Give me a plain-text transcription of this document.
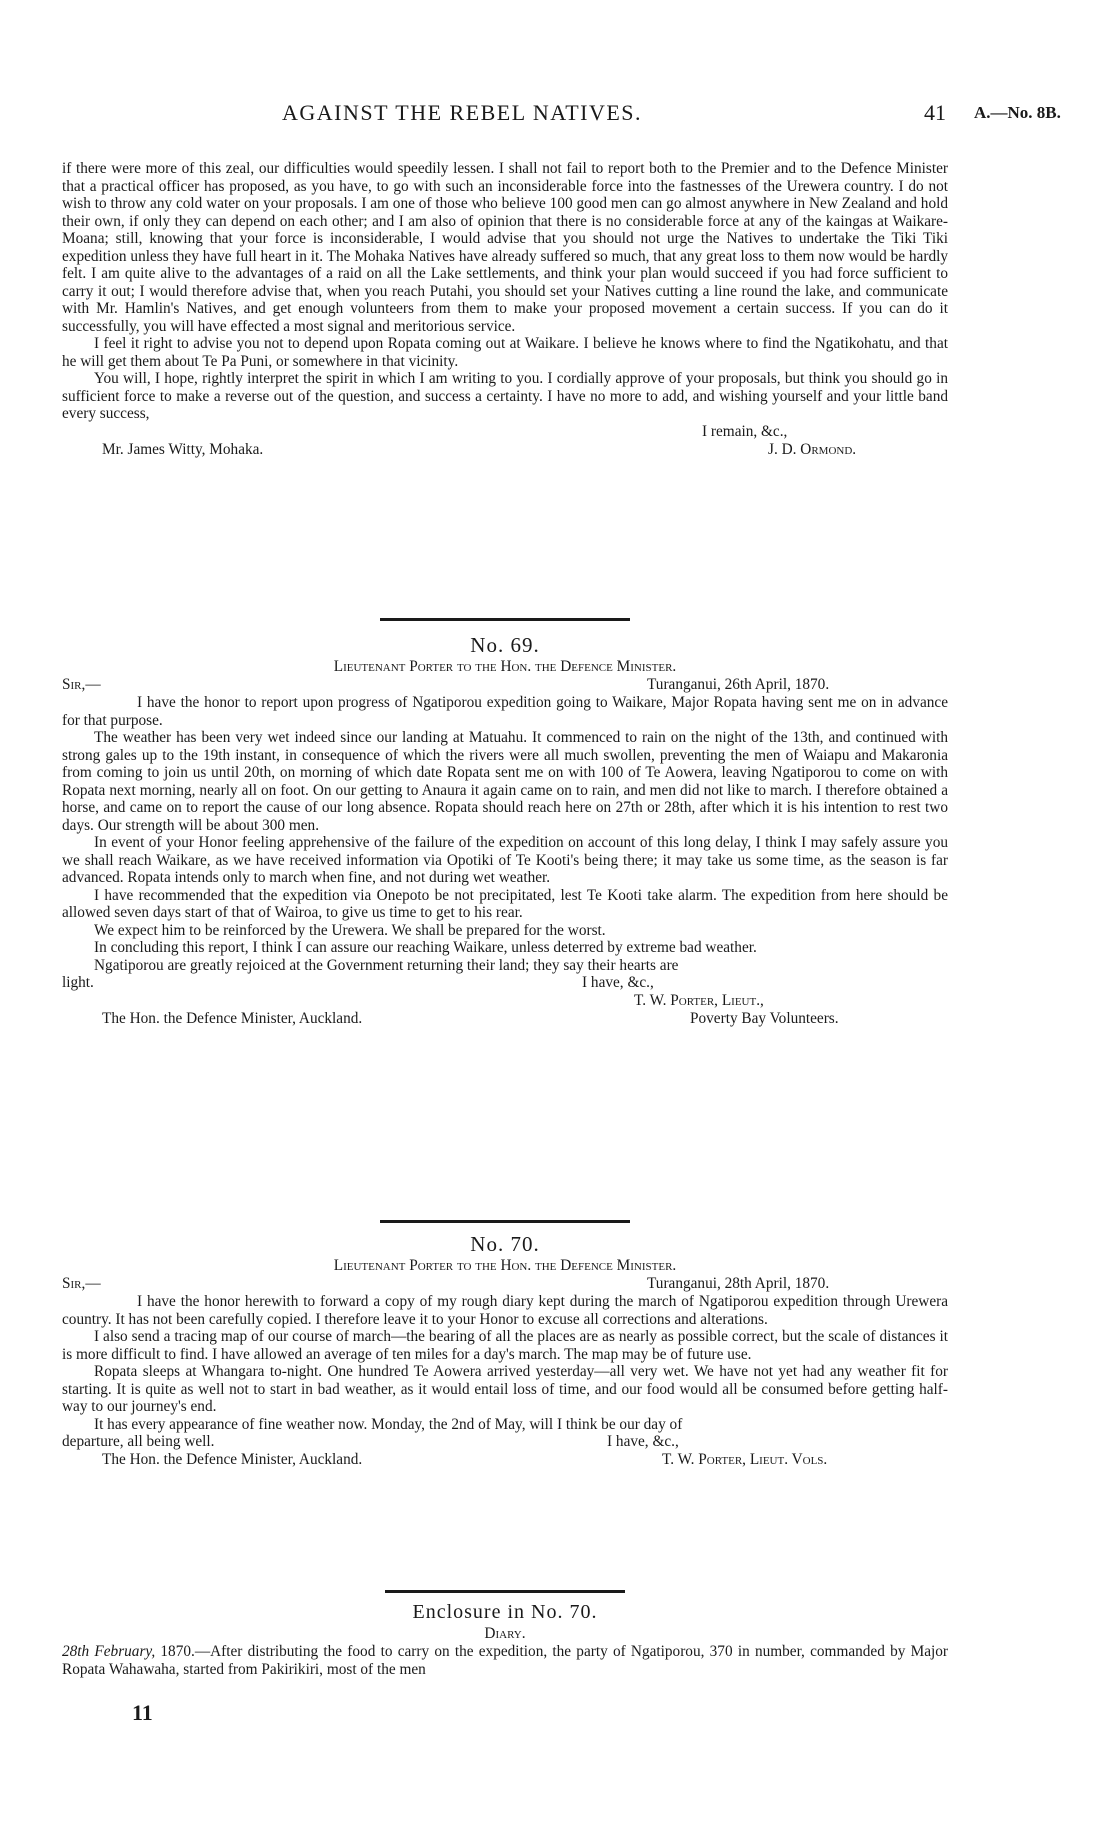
AGAINST THE REBEL NATIVES.	41 A.—No. 8B.

if there were more of this zeal, our difficulties would speedily lessen. I shall not fail to report both to the Premier and to the Defence Minister that a practical officer has proposed, as you have, to go with such an inconsiderable force into the fastnesses of the Urewera country. I do not wish to throw any cold water on your proposals. I am one of those who believe 100 good men can go almost anywhere in New Zealand and hold their own, if only they can depend on each other; and I am also of opinion that there is no considerable force at any of the kaingas at Waikare-Moana; still, knowing that your force is inconsiderable, I would advise that you should not urge the Natives to undertake the Tiki Tiki expedition unless they have full heart in it. The Mohaka Natives have already suffered so much, that any great loss to them now would be hardly felt. I am quite alive to the advantages of a raid on all the Lake settlements, and think your plan would succeed if you had force sufficient to carry it out; I would therefore advise that, when you reach Putahi, you should set your Natives cutting a line round the lake, and communicate with Mr. Hamlin's Natives, and get enough volunteers from them to make your proposed movement a certain success. If you can do it successfully, you will have effected a most signal and meritorious service.

I feel it right to advise you not to depend upon Ropata coming out at Waikare. I believe he knows where to find the Ngatikohatu, and that he will get them about Te Pa Puni, or somewhere in that vicinity.

You will, I hope, rightly interpret the spirit in which I am writing to you. I cordially approve of your proposals, but think you should go in sufficient force to make a reverse out of the question, and success a certainty. I have no more to add, and wishing yourself and your little band every success,

I remain, &c.,
Mr. James Witty, Mohaka.	J. D. Ormond.
No. 69.
Lieutenant Porter to the Hon. the Defence Minister.
Sir,—	Turanganui, 26th April, 1870.

I have the honor to report upon progress of Ngatiporou expedition going to Waikare, Major Ropata having sent me on in advance for that purpose.

The weather has been very wet indeed since our landing at Matuahu. It commenced to rain on the night of the 13th, and continued with strong gales up to the 19th instant, in consequence of which the rivers were all much swollen, preventing the men of Waiapu and Makaronia from coming to join us until 20th, on morning of which date Ropata sent me on with 100 of Te Aowera, leaving Ngatiporou to come on with Ropata next morning, nearly all on foot. On our getting to Anaura it again came on to rain, and men did not like to march. I therefore obtained a horse, and came on to report the cause of our long absence. Ropata should reach here on 27th or 28th, after which it is his intention to rest two days. Our strength will be about 300 men.

In event of your Honor feeling apprehensive of the failure of the expedition on account of this long delay, I think I may safely assure you we shall reach Waikare, as we have received information via Opotiki of Te Kooti's being there; it may take us some time, as the season is far advanced. Ropata intends only to march when fine, and not during wet weather.

I have recommended that the expedition via Onepoto be not precipitated, lest Te Kooti take alarm. The expedition from here should be allowed seven days start of that of Wairoa, to give us time to get to his rear.

We expect him to be reinforced by the Urewera. We shall be prepared for the worst.

In concluding this report, I think I can assure our reaching Waikare, unless deterred by extreme bad weather.

Ngatiporou are greatly rejoiced at the Government returning their land; they say their hearts are

light.	I have, &c.,
T. W. Porter, Lieut.,
The Hon. the Defence Minister, Auckland.	Poverty Bay Volunteers.
No. 70.
Lieutenant Porter to the Hon. the Defence Minister.
Sir,—	Turanganui, 28th April, 1870.

I have the honor herewith to forward a copy of my rough diary kept during the march of Ngatiporou expedition through Urewera country. It has not been carefully copied. I therefore leave it to your Honor to excuse all corrections and alterations.

I also send a tracing map of our course of march—the bearing of all the places are as nearly as possible correct, but the scale of distances it is more difficult to find. I have allowed an average of ten miles for a day's march. The map may be of future use.

Ropata sleeps at Whangara to-night. One hundred Te Aowera arrived yesterday—all very wet. We have not yet had any weather fit for starting. It is quite as well not to start in bad weather, as it would entail loss of time, and our food would all be consumed before getting half-way to our journey's end.

It has every appearance of fine weather now. Monday, the 2nd of May, will I think be our day of

departure, all being well.	I have, &c.,
The Hon. the Defence Minister, Auckland.	T. W. Porter, Lieut. Vols.
Enclosure in No. 70.
Diary.

28th February, 1870.—After distributing the food to carry on the expedition, the party of Ngatiporou, 370 in number, commanded by Major Ropata Wahawaha, started from Pakirikiri, most of the men

11
